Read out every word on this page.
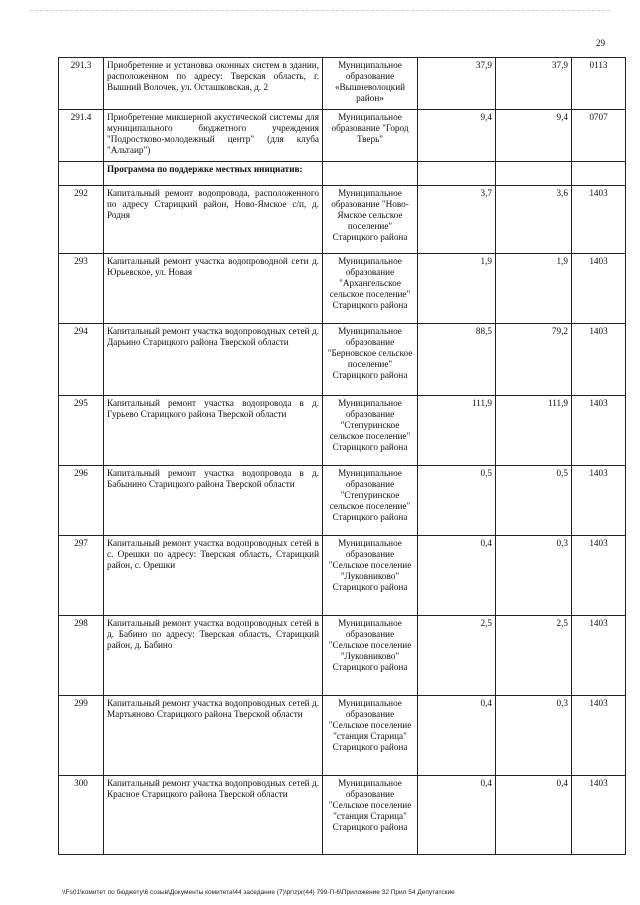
29
291.3	Приобретение и установка оконных систем в здании, расположенном по адресу: Тверская область, г. Вышний Волочек, ул. Осташковская, д. 2	Муниципальное образование «Вышневолоцкий район»	37,9	37,9	0113
291.4	Приобретение микшерной акустической системы для муниципального бюджетного учреждения "Подростково-молодежный центр" (для клуба "Альтаир")	Муниципальное образование "Город Тверь"	9,4	9,4	0707
	Программа по поддержке местных инициатив:				
292	Капитальный ремонт водопровода, расположенного по адресу Старицкий район, Ново-Ямское с/п, д. Родня	Муниципальное образование "Ново-Ямское сельское поселение" Старицкого района	3,7	3,6	1403
293	Капитальный ремонт участка водопроводной сети д. Юрьевское, ул. Новая	Муниципальное образование "Архангельское сельское поселение" Старицкого района	1,9	1,9	1403
294	Капитальный ремонт участка водопроводных сетей д. Дарьино Старицкого района Тверской области	Муниципальное образование "Берновское сельское поселение" Старицкого района	88,5	79,2	1403
295	Капитальный ремонт участка водопровода в д. Гурьево Старицкого района Тверской области	Муниципальное образование "Степуринское сельское поселение" Старицкого района	111,9	111,9	1403
296	Капитальный ремонт участка водопровода в д. Бабынино Старицкого района Тверской области	Муниципальное образование "Степуринское сельское поселение" Старицкого района	0,5	0,5	1403
297	Капитальный ремонт участка водопроводных сетей в с. Орешки по адресу: Тверская область, Старицкий район, с. Орешки	Муниципальное образование "Сельское поселение "Луковниково" Старицкого района	0,4	0,3	1403
298	Капитальный ремонт участка водопроводных сетей в д. Бабино по адресу: Тверская область, Старицкий район, д. Бабино	Муниципальное образование "Сельское поселение "Луковниково" Старицкого района	2,5	2,5	1403
299	Капитальный ремонт участка водопроводных сетей д. Мартьяново Старицкого района Тверской области	Муниципальное образование "Сельское поселение "станция Старица" Старицкого района	0,4	0,3	1403
300	Капитальный ремонт участка водопроводных сетей д. Красное Старицкого района Тверской области	Муниципальное образование "Сельское поселение "станция Старица" Старицкого района	0,4	0,4	1403
\\Fs01\комитет по бюджету\6 созыв\Документы комитета\44 заседание (7)\pr\zpr(44) 799-П-6\Приложение 32 Прил 54 Депутатские
